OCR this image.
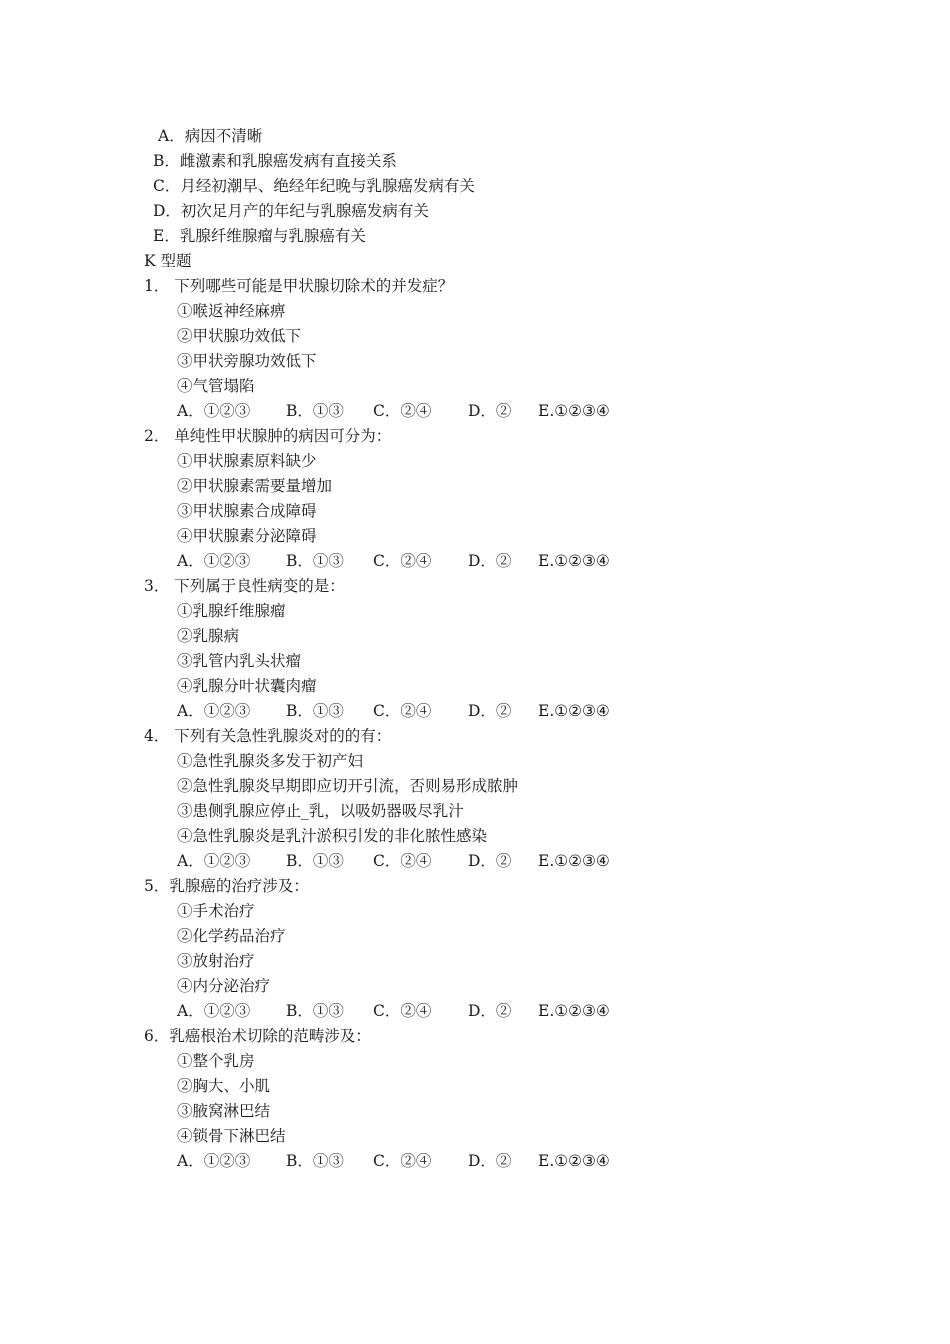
A．病因不清晰
B．雌激素和乳腺癌发病有直接关系
C．月经初潮早、绝经年纪晚与乳腺癌发病有关
D．初次足月产的年纪与乳腺癌发病有关
E．乳腺纤维腺瘤与乳腺癌有关
K 型题
1． 下列哪些可能是甲状腺切除术的并发症？
①喉返神经麻痹
②甲状腺功效低下
③甲状旁腺功效低下
④气管塌陷
A．①②③ B．①③ C．②④ D．② E.①②③④
2． 单纯性甲状腺肿的病因可分为：
①甲状腺素原料缺少
②甲状腺素需要量增加
③甲状腺素合成障碍
④甲状腺素分泌障碍
A．①②③ B．①③ C．②④ D．② E.①②③④
3． 下列属于良性病变的是：
①乳腺纤维腺瘤
②乳腺病
③乳管内乳头状瘤
④乳腺分叶状囊肉瘤
A．①②③ B．①③ C．②④ D．② E.①②③④
4． 下列有关急性乳腺炎对的的有：
①急性乳腺炎多发于初产妇
②急性乳腺炎早期即应切开引流，否则易形成脓肿
③患侧乳腺应停止_乳，以吸奶器吸尽乳汁
④急性乳腺炎是乳汁淤积引发的非化脓性感染
A．①②③ B．①③ C．②④ D．② E.①②③④
5．乳腺癌的治疗涉及：
①手术治疗
②化学药品治疗
③放射治疗
④内分泌治疗
A．①②③ B．①③ C．②④ D．② E.①②③④
6．乳癌根治术切除的范畴涉及：
①整个乳房
②胸大、小肌
③腋窝淋巴结
④锁骨下淋巴结
A．①②③ B．①③ C．②④ D．② E.①②③④
